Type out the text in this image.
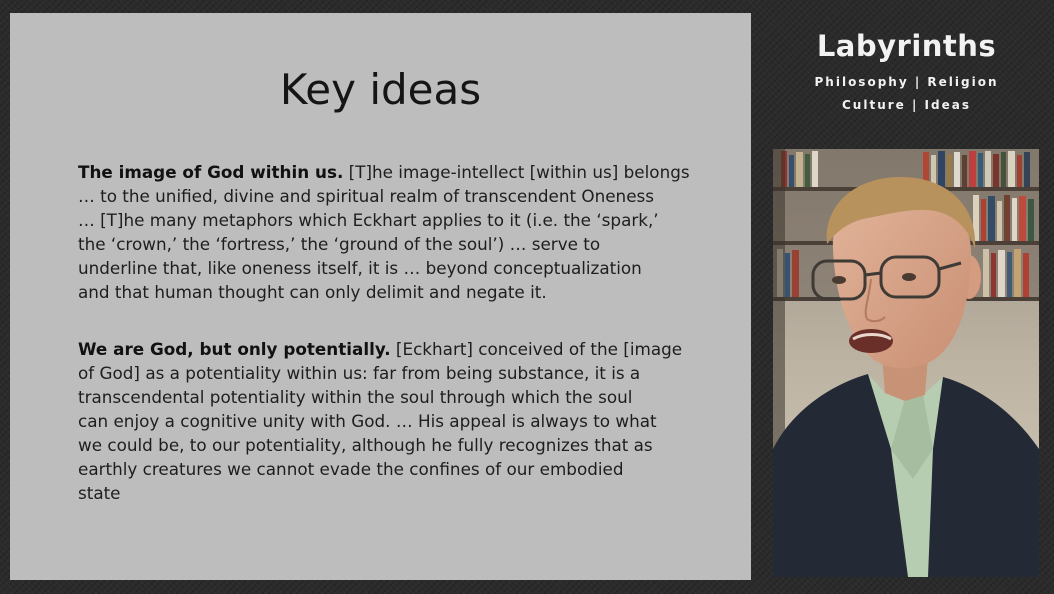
Key ideas

The image of God within us. [T]he image-intellect [within us] belongs
… to the unified, divine and spiritual realm of transcendent Oneness
… [T]he many metaphors which Eckhart applies to it (i.e. the ‘spark,’
the ‘crown,’ the ‘fortress,’ the ‘ground of the soul’) … serve to
underline that, like oneness itself, it is … beyond conceptualization
and that human thought can only delimit and negate it.

We are God, but only potentially. [Eckhart] conceived of the [image
of God] as a potentiality within us: far from being substance, it is a
transcendental potentiality within the soul through which the soul
can enjoy a cognitive unity with God. … His appeal is always to what
we could be, to our potentiality, although he fully recognizes that as
earthly creatures we cannot evade the confines of our embodied
state

Labyrinths
Philosophy | Religion
Culture | Ideas
